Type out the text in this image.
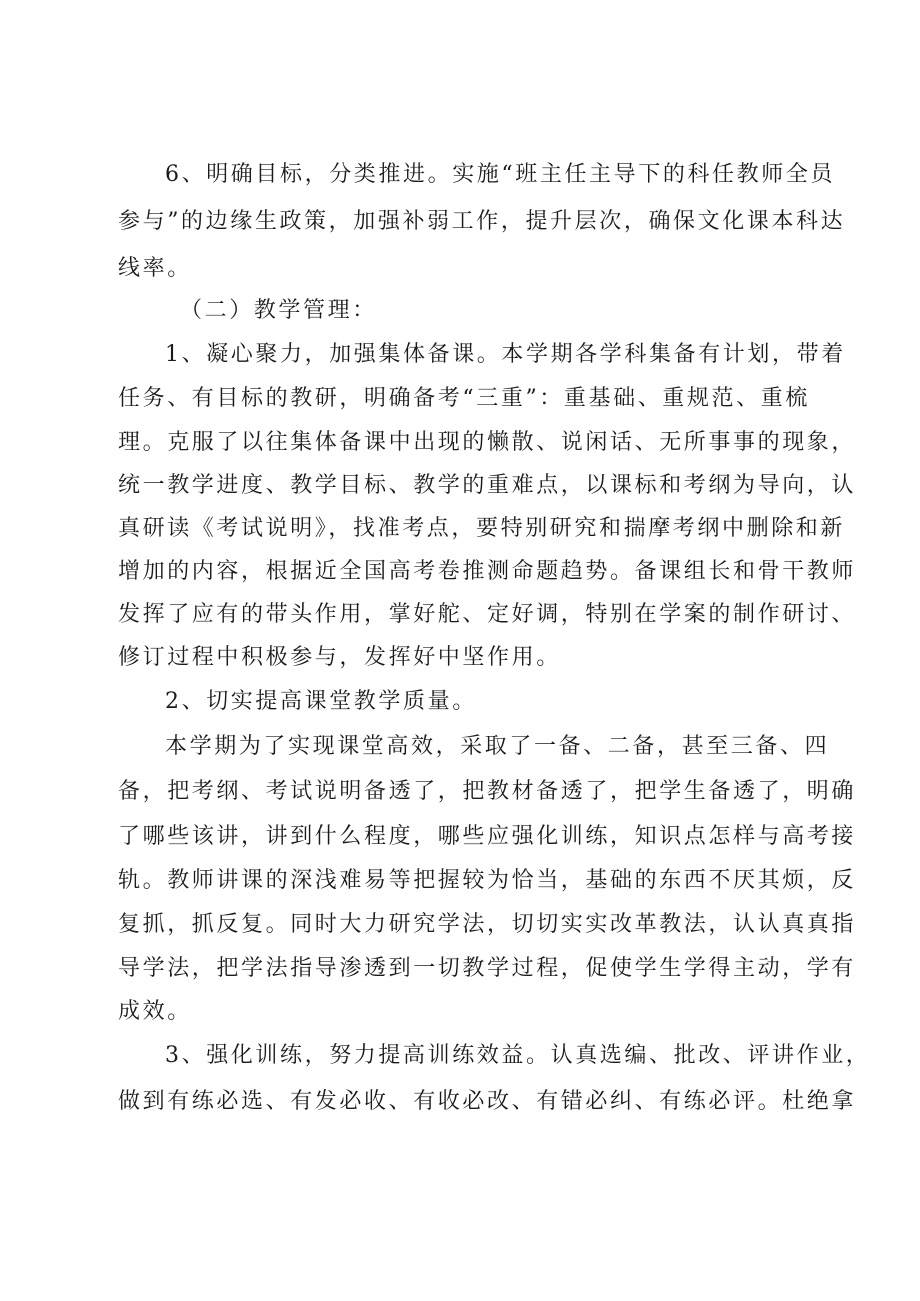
6、明确目标，分类推进。实施“班主任主导下的科任教师全员
参与”的边缘生政策，加强补弱工作，提升层次，确保文化课本科达
线率。
（二）教学管理：
1、凝心聚力，加强集体备课。本学期各学科集备有计划，带着
任务、有目标的教研，明确备考“三重”：重基础、重规范、重梳
理。克服了以往集体备课中出现的懒散、说闲话、无所事事的现象，
统一教学进度、教学目标、教学的重难点，以课标和考纲为导向，认
真研读《考试说明》，找准考点，要特别研究和揣摩考纲中删除和新
增加的内容，根据近全国高考卷推测命题趋势。备课组长和骨干教师
发挥了应有的带头作用，掌好舵、定好调，特别在学案的制作研讨、
修订过程中积极参与，发挥好中坚作用。
2、切实提高课堂教学质量。
本学期为了实现课堂高效，采取了一备、二备，甚至三备、四
备，把考纲、考试说明备透了，把教材备透了，把学生备透了，明确
了哪些该讲，讲到什么程度，哪些应强化训练，知识点怎样与高考接
轨。教师讲课的深浅难易等把握较为恰当，基础的东西不厌其烦，反
复抓，抓反复。同时大力研究学法，切切实实改革教法，认认真真指
导学法，把学法指导渗透到一切教学过程，促使学生学得主动，学有
成效。
3、强化训练，努力提高训练效益。认真选编、批改、评讲作业，
做到有练必选、有发必收、有收必改、有错必纠、有练必评。杜绝拿
